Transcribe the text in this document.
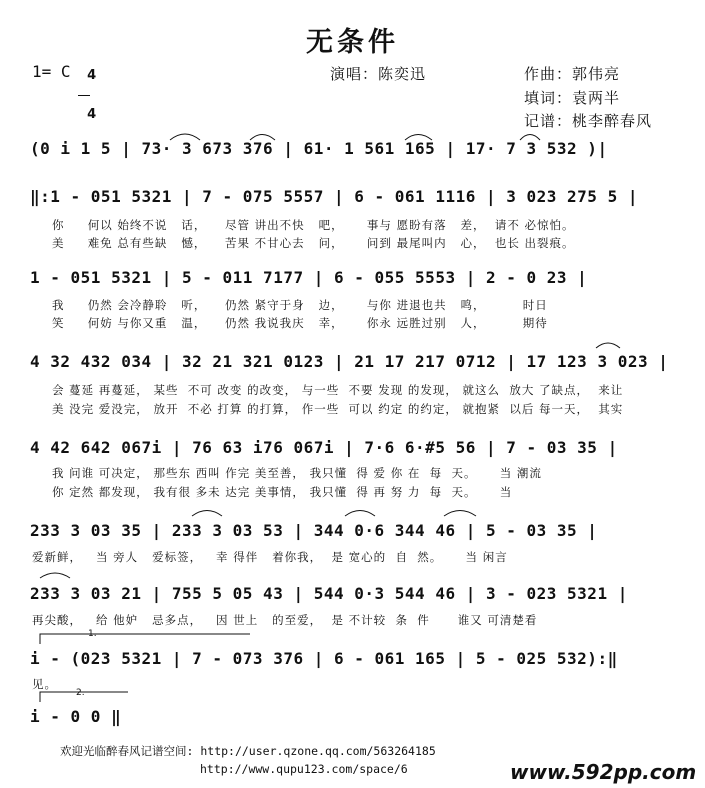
无条件
1= C	4

4

演唱：陈奕迅	作曲：郭伟亮
填词：袁两半
记谱：桃李醉春风
(0 i 1 5 | 73· 3 673 376 | 61· 1 561 165 | 17· 7 3 532 )|
‖:1 - 051 5321 | 7 - 075 5557 | 6 - 061 1116 | 3 023 275 5 |
你     何以 始终不说   话，    尽管 讲出不快   吧，     事与 愿盼有落   差，  请不 必惊怕。
美     难免 总有些缺   憾，    苦果 不甘心去   问，     问到 最尾叫内   心，  也长 出裂痕。
1 - 051 5321 | 5 - 011 7177 | 6 - 055 5553 | 2 - 0 23 |
我     仍然 会冷静聆   听，    仍然 紧守于身   边，     与你 进退也共   鸣，        时日
笑     何妨 与你又重   温，    仍然 我说我庆   幸，     你永 远胜过别   人，        期待
4 32 432 034 | 32 21 321 0123 | 21 17 217 0712 | 17 123 3 023 |
会 蔓延 再蔓延， 某些  不可 改变 的改变， 与一些  不要 发现 的发现， 就这么  放大 了缺点，  来让
美 没完 爱没完， 放开  不必 打算 的打算， 作一些  可以 约定 的约定， 就抱紧  以后 每一天，  其实
4 42 642 067i | 76 63 i76 067i | 7·6 6·#5 56 | 7 - 03 35 |
我 问谁 可决定， 那些东 西叫 作完 美至善， 我只懂  得 爱 你 在  每  天。     当 潮流
你 定然 都发现， 我有很 多未 达完 美事情， 我只懂  得 再 努 力  每  天。     当
233 3 03 35 | 233 3 03 53 | 344 0·6 344 46 | 5 - 03 35 |
爱新鲜，   当 旁人   爱标签，   幸 得伴   着你我，  是 宽心的  自  然。     当 闲言
233 3 03 21 | 755 5 05 43 | 544 0·3 544 46 | 3 - 023 5321 |
再尖酸，   给 他妒   忌多点，   因 世上   的至爱，  是 不计较  条  件      谁又 可清楚看
1.
i - (023 5321 | 7 - 073 376 | 6 - 061 165 | 5 - 025 532):‖
见。
2.
i - 0 0 ‖
欢迎光临醉春风记谱空间: http://user.qzone.qq.com/563264185
http://www.qupu123.com/space/6	www.592pp.com
